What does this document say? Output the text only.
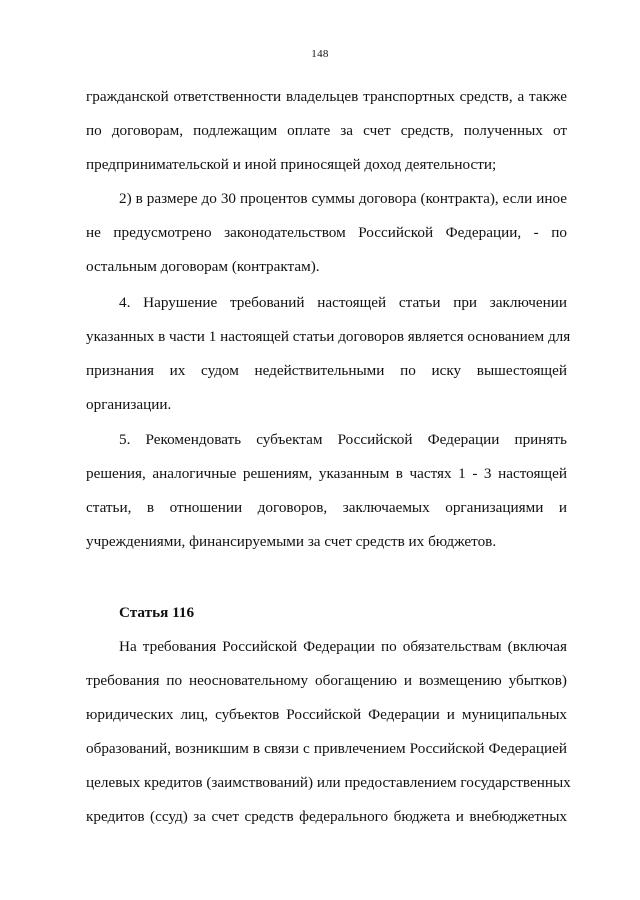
148
гражданской ответственности владельцев транспортных средств, а также
по договорам, подлежащим оплате за счет средств, полученных от
предпринимательской и иной приносящей доход деятельности;
2) в размере до 30 процентов суммы договора (контракта), если иное
не предусмотрено законодательством Российской Федерации, - по
остальным договорам (контрактам).
4. Нарушение требований настоящей статьи при заключении
указанных в части 1 настоящей статьи договоров является основанием для
признания их судом недействительными по иску вышестоящей
организации.
5. Рекомендовать субъектам Российской Федерации принять
решения, аналогичные решениям, указанным в частях 1 - 3 настоящей
статьи, в отношении договоров, заключаемых организациями и
учреждениями, финансируемыми за счет средств их бюджетов.
Статья 116
На требования Российской Федерации по обязательствам (включая
требования по неосновательному обогащению и возмещению убытков)
юридических лиц, субъектов Российской Федерации и муниципальных
образований, возникшим в связи с привлечением Российской Федерацией
целевых кредитов (заимствований) или предоставлением государственных
кредитов (ссуд) за счет средств федерального бюджета и внебюджетных
